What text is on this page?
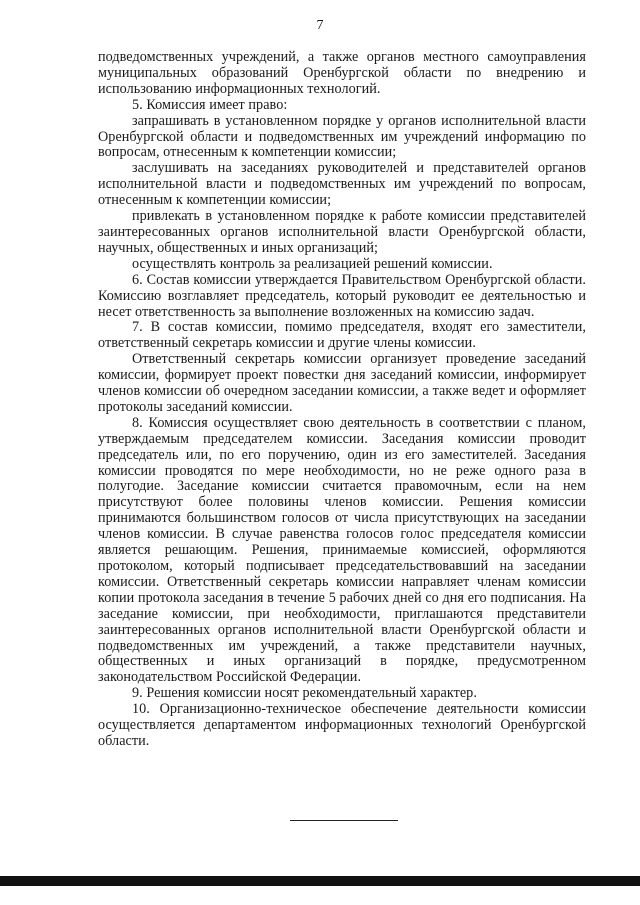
7

подведомственных учреждений, а также органов местного самоуправления муниципальных образований Оренбургской области по внедрению и использованию информационных технологий.

5. Комиссия имеет право:

запрашивать в установленном порядке у органов исполнительной власти Оренбургской области и подведомственных им учреждений информацию по вопросам, отнесенным к компетенции комиссии;

заслушивать на заседаниях руководителей и представителей органов исполнительной власти и подведомственных им учреждений по вопросам, отнесенным к компетенции комиссии;

привлекать в установленном порядке к работе комиссии представителей заинтересованных органов исполнительной власти Оренбургской области, научных, общественных и иных организаций;

осуществлять контроль за реализацией решений комиссии.

6. Состав комиссии утверждается Правительством Оренбургской области. Комиссию возглавляет председатель, который руководит ее деятельностью и несет ответственность за выполнение возложенных на комиссию задач.

7. В состав комиссии, помимо председателя, входят его заместители, ответственный секретарь комиссии и другие члены комиссии.

Ответственный секретарь комиссии организует проведение заседаний комиссии, формирует проект повестки дня заседаний комиссии, информирует членов комиссии об очередном заседании комиссии, а также ведет и оформляет протоколы заседаний комиссии.

8. Комиссия осуществляет свою деятельность в соответствии с планом, утверждаемым председателем комиссии. Заседания комиссии проводит председатель или, по его поручению, один из его заместителей. Заседания комиссии проводятся по мере необходимости, но не реже одного раза в полугодие. Заседание комиссии считается правомочным, если на нем присутствуют более половины членов комиссии. Решения комиссии принимаются большинством голосов от числа присутствующих на заседании членов комиссии. В случае равенства голосов голос председателя комиссии является решающим. Решения, принимаемые комиссией, оформляются протоколом, который подписывает председательствовавший на заседании комиссии. Ответственный секретарь комиссии направляет членам комиссии копии протокола заседания в течение 5 рабочих дней со дня его подписания. На заседание комиссии, при необходимости, приглашаются представители заинтересованных органов исполнительной власти Оренбургской области и подведомственных им учреждений, а также представители научных, общественных и иных организаций в порядке, предусмотренном законодательством Российской Федерации.

9. Решения комиссии носят рекомендательный характер.

10. Организационно-техническое обеспечение деятельности комиссии осуществляется департаментом информационных технологий Оренбургской области.
